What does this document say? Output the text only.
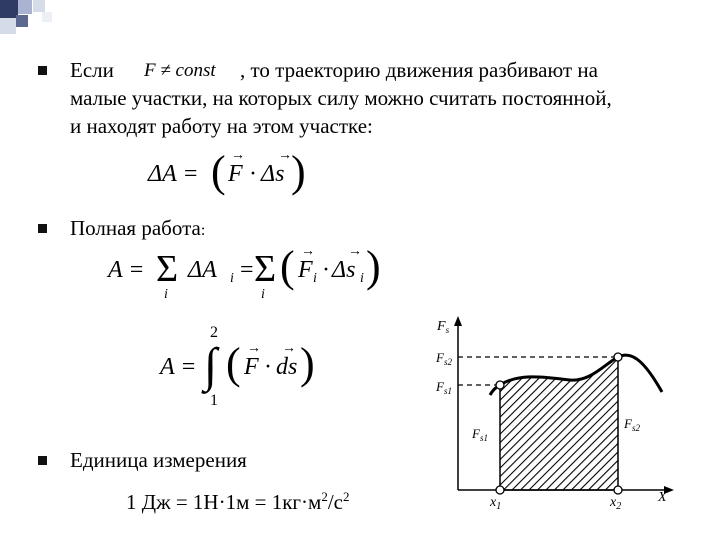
Если F ≠ const , то траекторию движения разбивают на
малые участки, на которых силу можно считать постоянной,
и находят работу на этом участке:
ΔA = ( F
→
· Δs
→ )
Полная работа:
A = Σ
i
ΔA i = Σ
i
( F
→
i · Δs
→
i )
2
A = ∫
1
( F
→
· ds
→ )
Единица измерения
1 Дж = $1Н\cdot 1м = 1кг\cdot м^2/с^2$
$F_s$
$F_{s2}$
$F_{s1}$
$F_{s1}$
$F_{s2}$
$x_1$	$x_2$
X
